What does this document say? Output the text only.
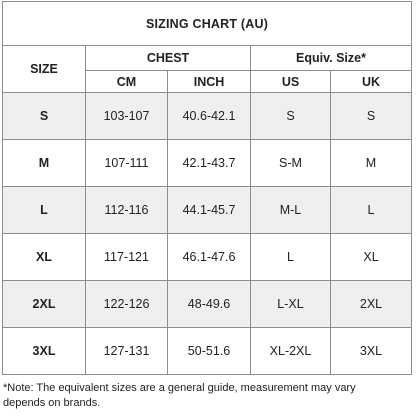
SIZING CHART (AU)				
SIZE	CHEST		Equiv. Size*	
	CM	INCH	US	UK
S	103-107	40.6-42.1	S	S
M	107-111	42.1-43.7	S-M	M
L	112-116	44.1-45.7	M-L	L
XL	117-121	46.1-47.6	L	XL
2XL	122-126	48-49.6	L-XL	2XL
3XL	127-131	50-51.6	XL-2XL	3XL
*Note: The equivalent sizes are a general guide, measurement may vary
depends on brands.
